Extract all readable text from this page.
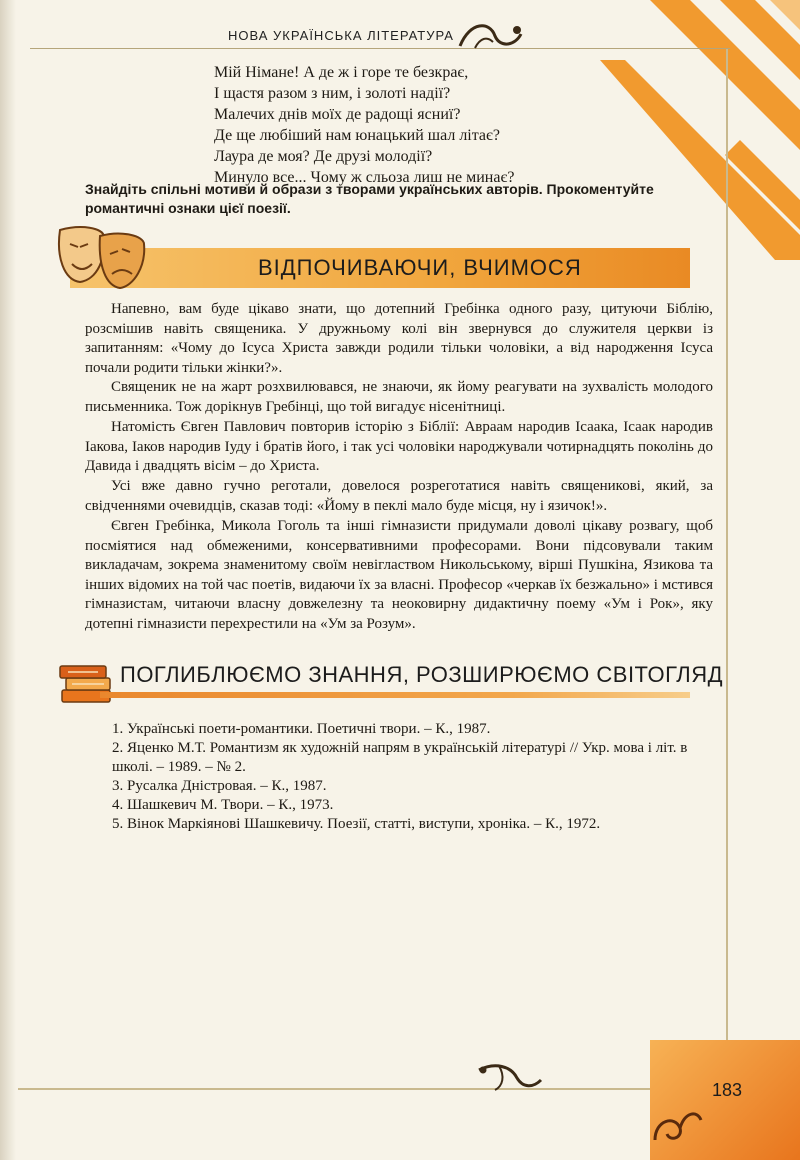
НОВА УКРАЇНСЬКА ЛІТЕРАТУРА
Мій Німане! А де ж і горе те безкрає,
І щастя разом з ним, і золоті надії?
Малечих днів моїх де радощі ясниї?
Де ще любіший нам юнацький шал літає?
Лаура де моя? Де друзі молодії?
Минуло все... Чому ж сльоза лиш не минає?
Знайдіть спільні мотиви й образи з творами українських авторів. Прокоментуйте романтичні ознаки цієї поезії.
ВІДПОЧИВАЮЧИ, ВЧИМОСЯ

Напевно, вам буде цікаво знати, що дотепний Гребінка одного разу, цитуючи Біблію, розсмішив навіть священика. У дружньому колі він звернувся до служителя церкви із запитанням: «Чому до Ісуса Христа завжди родили тільки чоловіки, а від народження Ісуса почали родити тільки жінки?».

Священик не на жарт розхвилювався, не знаючи, як йому реагувати на зухвалість молодого письменника. Тож дорікнув Гребінці, що той вигадує нісенітниці.

Натомість Євген Павлович повторив історію з Біблії: Авраам народив Ісаака, Ісаак народив Іакова, Іаков народив Іуду і братів його, і так усі чоловіки народжували чотирнадцять поколінь до Давида і двадцять вісім – до Христа.

Усі вже давно гучно реготали, довелося розреготатися навіть священикові, який, за свідченнями очевидців, сказав тоді: «Йому в пеклі мало буде місця, ну і язичок!».

Євген Гребінка, Микола Гоголь та інші гімназисти придумали доволі цікаву розвагу, щоб посміятися над обмеженими, консервативними професорами. Вони підсовували таким викладачам, зокрема знаменитому своїм невіглаством Никольському, вірші Пушкіна, Язикова та інших відомих на той час поетів, видаючи їх за власні. Професор «черкав їх безжально» і мстився гімназистам, читаючи власну довжелезну та неоковирну дидактичну поему «Ум і Рок», яку дотепні гімназисти перехрестили на «Ум за Розум».

ПОГЛИБЛЮЄМО ЗНАННЯ, РОЗШИРЮЄМО СВІТОГЛЯД
1. Українські поети-романтики. Поетичні твори. – К., 1987.
2. Яценко М.Т. Романтизм як художній напрям в українській літературі // Укр. мова і літ. в школі. – 1989. – № 2.
3. Русалка Дністровая. – К., 1987.
4. Шашкевич М. Твори. – К., 1973.
5. Вінок Маркіянові Шашкевичу. Поезії, статті, виступи, хроніка. – К., 1972.
183
